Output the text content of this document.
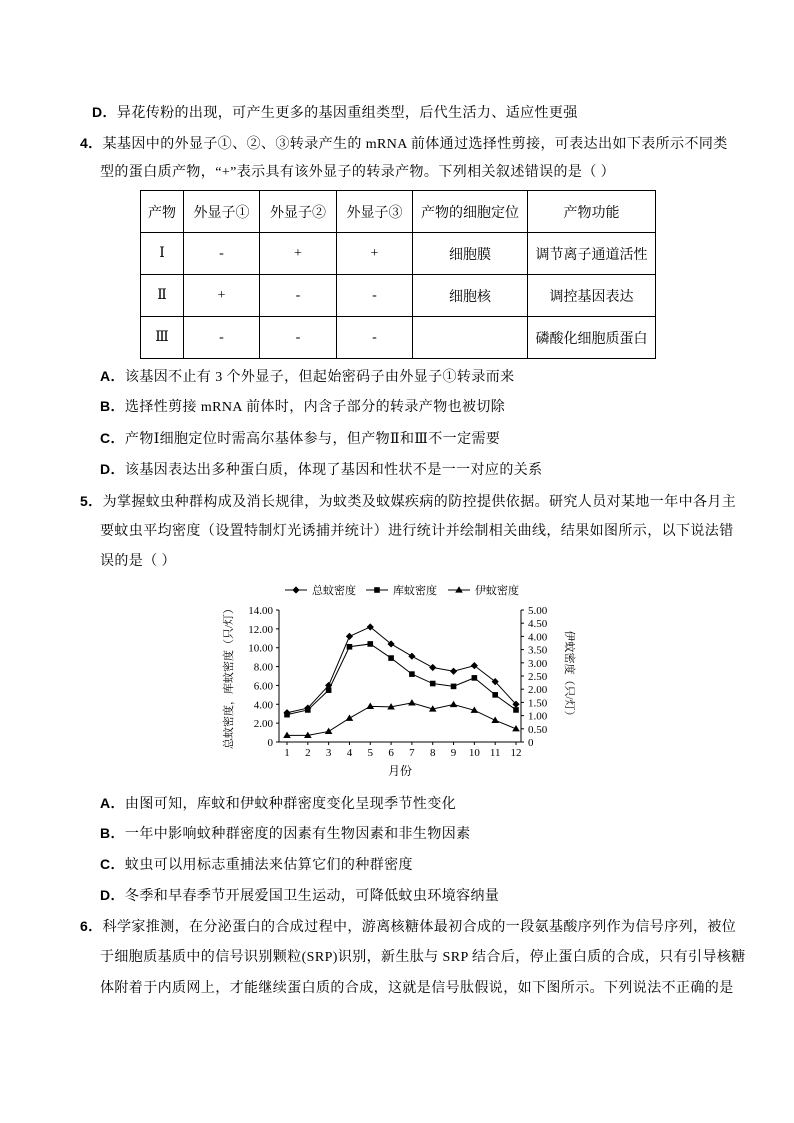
D．异花传粉的出现，可产生更多的基因重组类型，后代生活力、适应性更强
4．某基因中的外显子①、②、③转录产生的 mRNA 前体通过选择性剪接，可表达出如下表所示不同类
型的蛋白质产物，“+”表示具有该外显子的转录产物。下列相关叙述错误的是（ ）
产物	外显子①	外显子②	外显子③	产物的细胞定位	产物功能
Ⅰ	-	+	+	细胞膜	调节离子通道活性
Ⅱ	+	-	-	细胞核	调控基因表达
Ⅲ	-	-	-		磷酸化细胞质蛋白
A．该基因不止有 3 个外显子，但起始密码子由外显子①转录而来
B．选择性剪接 mRNA 前体时，内含子部分的转录产物也被切除
C．产物Ⅰ细胞定位时需高尔基体参与，但产物Ⅱ和Ⅲ不一定需要
D．该基因表达出多种蛋白质，体现了基因和性状不是一一对应的关系
5．为掌握蚊虫种群构成及消长规律，为蚊类及蚊媒疾病的防控提供依据。研究人员对某地一年中各月主
要蚊虫平均密度（设置特制灯光诱捕并统计）进行统计并绘制相关曲线，结果如图所示，以下说法错
误的是（ ）
0
2.00
4.00
6.00
8.00
10.00
12.00
14.00
0
0.50
1.00
1.50
2.00
2.50
3.00
3.50
4.00
4.50
5.00
1 2 3 4 5 6 7 8 9 10 11 12
月份
总蚊密度，库蚊密度（只/灯）	伊蚊密度（只/灯）
总蚊密度	库蚊密度	伊蚊密度
A．由图可知，库蚊和伊蚊种群密度变化呈现季节性变化
B．一年中影响蚊种群密度的因素有生物因素和非生物因素
C．蚊虫可以用标志重捕法来估算它们的种群密度
D．冬季和早春季节开展爱国卫生运动，可降低蚊虫环境容纳量
6．科学家推测，在分泌蛋白的合成过程中，游离核糖体最初合成的一段氨基酸序列作为信号序列，被位
于细胞质基质中的信号识别颗粒(SRP)识别，新生肽与 SRP 结合后，停止蛋白质的合成，只有引导核糖
体附着于内质网上，才能继续蛋白质的合成，这就是信号肽假说，如下图所示。下列说法不正确的是
